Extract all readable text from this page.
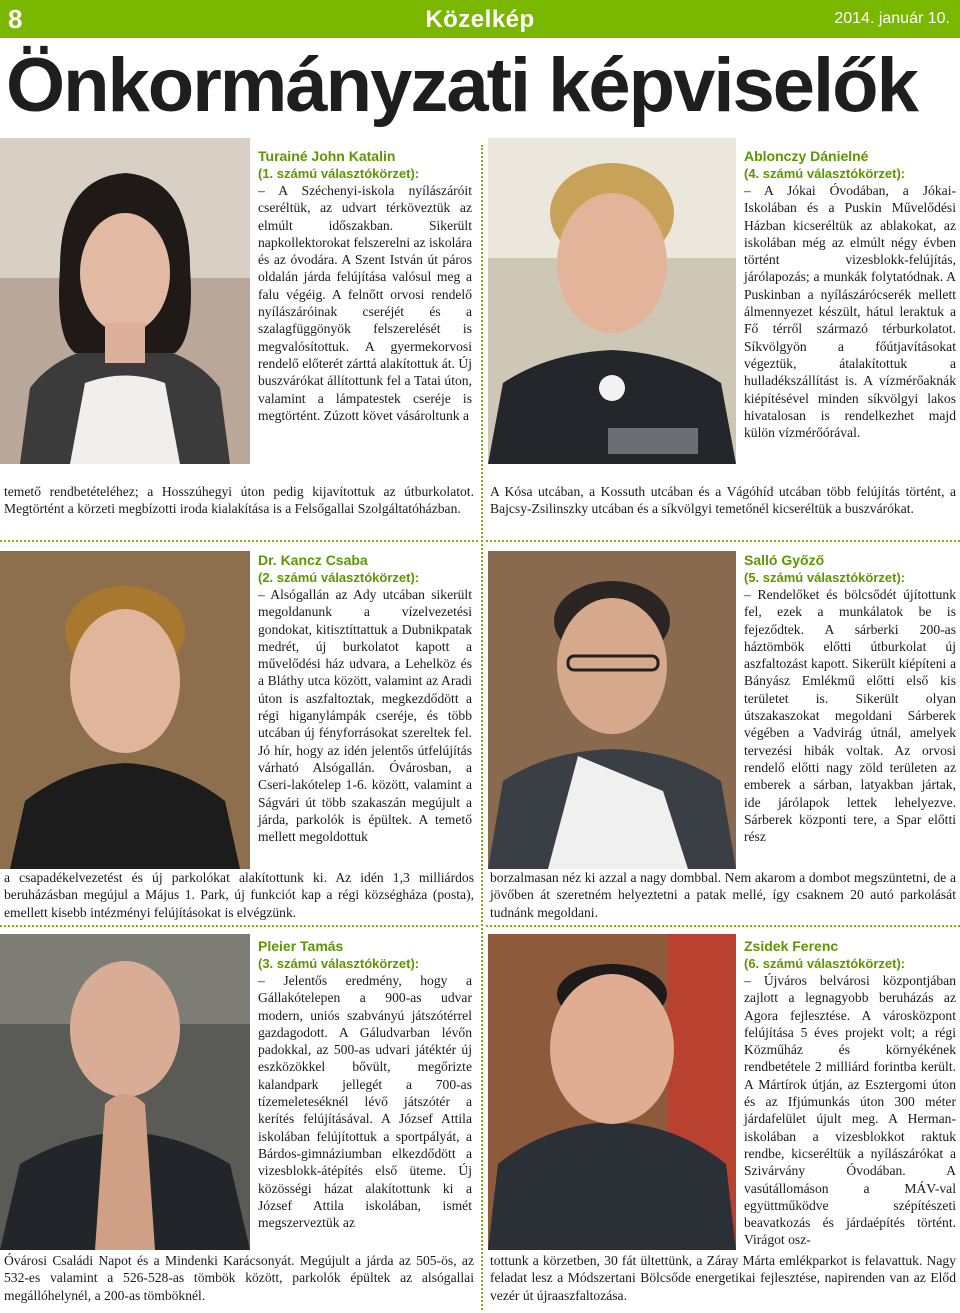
8	Közelkép	2014. január 10.
Önkormányzati képviselők
Turainé John Katalin
(1. számú választókörzet):

– A Széchenyi-iskola nyílászáróit cseréltük, az udvart térköveztük az elmúlt időszakban. Sikerült napkollektorokat felszerelni az iskolára és az óvodára. A Szent István út páros oldalán járda felújítása valósul meg a falu végéig. A felnőtt orvosi rendelő nyílászáróinak cseréjét és a szalagfüggönyök felszerelését is megvalósítottuk. A gyermekorvosi rendelő előterét zárttá alakítottuk át. Új buszvárókat állítottunk fel a Tatai úton, valamint a lámpatestek cseréje is megtörtént. Zúzott követ vásároltunk a

temető rendbetételéhez; a Hosszúhegyi úton pedig kijavítottuk az útburkolatot. Megtörtént a körzeti megbízotti iroda kialakítása is a Felsőgallai Szolgáltatóházban.
Ablonczy Dánielné
(4. számú választókörzet):

– A Jókai Óvodában, a Jókai-Iskolában és a Puskin Művelődési Házban kicseréltük az ablakokat, az iskolában még az elmúlt négy évben történt vizesblokk-felújítás, járólapozás; a munkák folytatódnak. A Puskinban a nyílászárócserék mellett álmennyezet készült, hátul leraktuk a Fő térről származó térburkolatot. Síkvölgyön a főútjavításokat végeztük, átalakítottuk a hulladékszállítást is. A vízmérőaknák kiépítésével minden síkvölgyi lakos hivatalosan is rendelkezhet majd külön vízmérőórával.

A Kósa utcában, a Kossuth utcában és a Vágóhíd utcában több felújítás történt, a Bajcsy-Zsilinszky utcában és a síkvölgyi temetőnél kicseréltük a buszvárókat.
Dr. Kancz Csaba
(2. számú választókörzet):

– Alsógallán az Ady utcában sikerült megoldanunk a vízelvezetési gondokat, kitisztíttattuk a Dubnikpatak medrét, új burkolatot kapott a művelődési ház udvara, a Lehelköz és a Bláthy utca között, valamint az Aradi úton is aszfaltoztak, megkezdődött a régi higanylámpák cseréje, és több utcában új fényforrásokat szereltek fel. Jó hír, hogy az idén jelentős útfelújítás várható Alsógallán. Óvárosban, a Cseri-lakótelep 1-6. között, valamint a Ságvári út több szakaszán megújult a járda, parkolók is épültek. A temető mellett megoldottuk

a csapadékelvezetést és új parkolókat alakítottunk ki. Az idén 1,3 milliárdos beruházásban megújul a Május 1. Park, új funkciót kap a régi községháza (posta), emellett kisebb intézményi felújításokat is elvégzünk.
Salló Győző
(5. számú választókörzet):

– Rendelőket és bölcsődét újítottunk fel, ezek a munkálatok be is fejeződtek. A sárberki 200-as háztömbök előtti útburkolat új aszfaltozást kapott. Sikerült kiépíteni a Bányász Emlékmű előtti első kis területet is. Sikerült olyan útszakaszokat megoldani Sárberek végében a Vadvirág útnál, amelyek tervezési hibák voltak. Az orvosi rendelő előtti nagy zöld területen az emberek a sárban, latyakban jártak, ide járólapok lettek lehelyezve. Sárberek központi tere, a Spar előtti rész

borzalmasan néz ki azzal a nagy dombbal. Nem akarom a dombot megszüntetni, de a jövőben át szeretném helyeztetni a patak mellé, így csaknem 20 autó parkolását tudnánk megoldani.
Pleier Tamás
(3. számú választókörzet):

– Jelentős eredmény, hogy a Gállakótelepen a 900-as udvar modern, uniós szabványú játszótérrel gazdagodott. A Gáludvarban lévőn padokkal, az 500-as udvari játéktér új eszközökkel bővült, megőrizte kalandpark jellegét a 700-as tízemeleteséknél lévő játszótér a kerítés felújításával. A József Attila iskolában felújítottuk a sportpályát, a Bárdos-gimnáziumban elkezdődött a vizesblokk-átépítés első üteme. Új közösségi házat alakítottunk ki a József Attila iskolában, ismét megszerveztük az

Óvárosi Családi Napot és a Mindenki Karácsonyát. Megújult a járda az 505-ös, az 532-es valamint a 526-528-as tömbök között, parkolók épültek az alsógallai megállóhelynél, a 200-as tömböknél.
Zsidek Ferenc
(6. számú választókörzet):

– Újváros belvárosi központjában zajlott a legnagyobb beruházás az Agora fejlesztése. A városközpont felújítása 5 éves projekt volt; a régi Közműház és környékének rendbetétele 2 milliárd forintba került. A Mártírok útján, az Esztergomi úton és az Ifjúmunkás úton 300 méter járdafelület újult meg. A Herman-iskolában a vizesblokkot raktuk rendbe, kicseréltük a nyílászárókat a Szivárvány Óvodában. A vasútállomáson a MÁV-val együttműködve szépítészeti beavatkozás és járdaépítés történt. Virágot osz-

tottunk a körzetben, 30 fát ültettünk, a Záray Márta emlékparkot is felavattuk. Nagy feladat lesz a Módszertani Bölcsőde energetikai fejlesztése, napirenden van az Előd vezér út újraaszfaltozása.
